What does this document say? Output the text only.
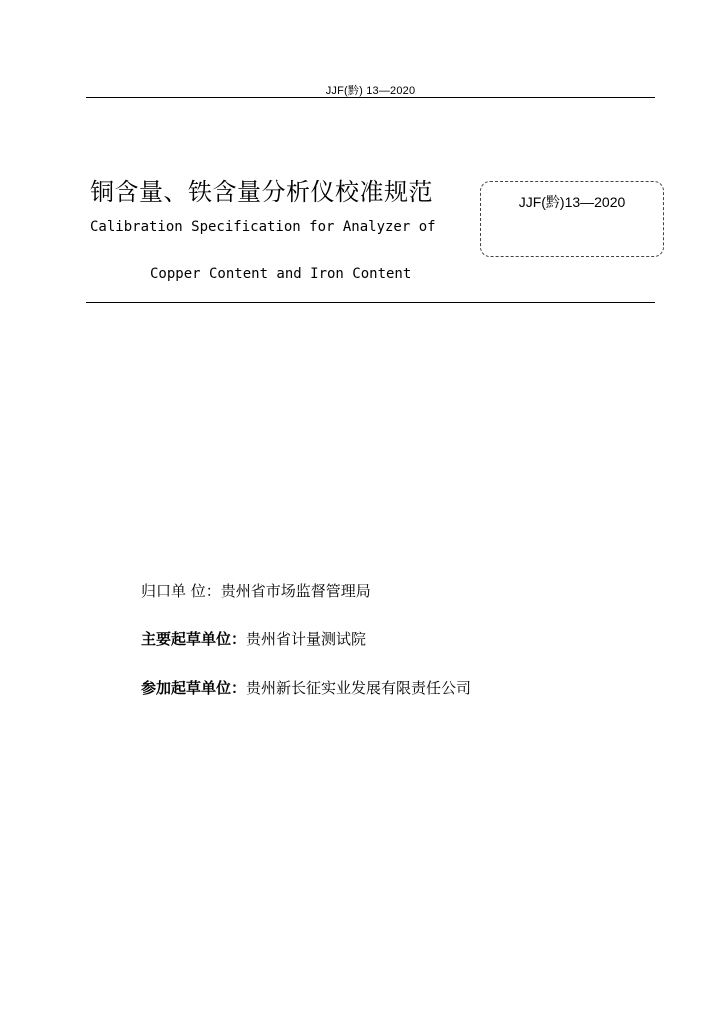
JJF(黔) 13—2020
铜含量、铁含量分析仪校准规范
Calibration Specification for Analyzer of
Copper Content and Iron Content
JJF(黔)13—2020
归口单 位：贵州省市场监督管理局
主要起草单位：贵州省计量测试院
参加起草单位：贵州新长征实业发展有限责任公司
